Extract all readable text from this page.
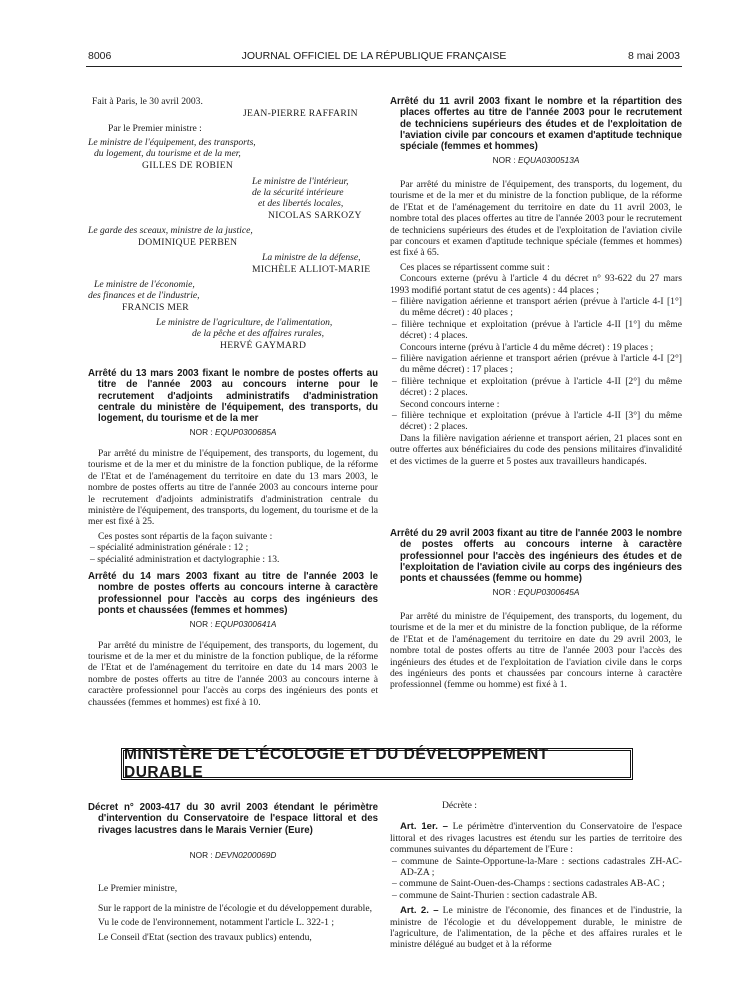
8006	JOURNAL OFFICIEL DE LA RÉPUBLIQUE FRANÇAISE	8 mai 2003
Fait à Paris, le 30 avril 2003.
JEAN-PIERRE RAFFARIN
Par le Premier ministre :
Le ministre de l'équipement, des transports,
du logement, du tourisme et de la mer,
GILLES DE ROBIEN
Le ministre de l'intérieur,
de la sécurité intérieure
et des libertés locales,
NICOLAS SARKOZY
Le garde des sceaux, ministre de la justice,
DOMINIQUE PERBEN
La ministre de la défense,
MICHÈLE ALLIOT-MARIE
Le ministre de l'économie,
des finances et de l'industrie,
FRANCIS MER
Le ministre de l'agriculture, de l'alimentation,
de la pêche et des affaires rurales,
HERVÉ GAYMARD

Arrêté du 13 mars 2003 fixant le nombre de postes offerts au titre de l'année 2003 au concours interne pour le recrutement d'adjoints administratifs d'administration centrale du ministère de l'équipement, des transports, du logement, du tourisme et de la mer

NOR : EQUP0300685A

Par arrêté du ministre de l'équipement, des transports, du logement, du tourisme et de la mer et du ministre de la fonction publique, de la réforme de l'Etat et de l'aménagement du territoire en date du 13 mars 2003, le nombre de postes offerts au titre de l'année 2003 au concours interne pour le recrutement d'adjoints administratifs d'administration centrale du ministère de l'équipement, des transports, du logement, du tourisme et de la mer est fixé à 25.

Ces postes sont répartis de la façon suivante :

– spécialité administration générale : 12 ;

– spécialité administration et dactylographie : 13.

Arrêté du 14 mars 2003 fixant au titre de l'année 2003 le nombre de postes offerts au concours interne à caractère professionnel pour l'accès au corps des ingénieurs des ponts et chaussées (femmes et hommes)

NOR : EQUP0300641A

Par arrêté du ministre de l'équipement, des transports, du logement, du tourisme et de la mer et du ministre de la fonction publique, de la réforme de l'Etat et de l'aménagement du territoire en date du 14 mars 2003 le nombre de postes offerts au titre de l'année 2003 au concours interne à caractère professionnel pour l'accès au corps des ingénieurs des ponts et chaussées (femmes et hommes) est fixé à 10.

Arrêté du 11 avril 2003 fixant le nombre et la répartition des places offertes au titre de l'année 2003 pour le recrutement de techniciens supérieurs des études et de l'exploitation de l'aviation civile par concours et examen d'aptitude technique spéciale (femmes et hommes)

NOR : EQUA0300513A

Par arrêté du ministre de l'équipement, des transports, du logement, du tourisme et de la mer et du ministre de la fonction publique, de la réforme de l'Etat et de l'aménagement du territoire en date du 11 avril 2003, le nombre total des places offertes au titre de l'année 2003 pour le recrutement de techniciens supérieurs des études et de l'exploitation de l'aviation civile par concours et examen d'aptitude technique spéciale (femmes et hommes) est fixé à 65.

Ces places se répartissent comme suit :

Concours externe (prévu à l'article 4 du décret n° 93-622 du 27 mars 1993 modifié portant statut de ces agents) : 44 places ;

– filière navigation aérienne et transport aérien (prévue à l'article 4-I [1°] du même décret) : 40 places ;

– filière technique et exploitation (prévue à l'article 4-II [1°] du même décret) : 4 places.

Concours interne (prévu à l'article 4 du même décret) : 19 places ;

– filière navigation aérienne et transport aérien (prévue à l'article 4-I [2°] du même décret) : 17 places ;

– filière technique et exploitation (prévue à l'article 4-II [2°] du même décret) : 2 places.

Second concours interne :

– filière technique et exploitation (prévue à l'article 4-II [3°] du même décret) : 2 places.

Dans la filière navigation aérienne et transport aérien, 21 places sont en outre offertes aux bénéficiaires du code des pensions militaires d'invalidité et des victimes de la guerre et 5 postes aux travailleurs handicapés.

Arrêté du 29 avril 2003 fixant au titre de l'année 2003 le nombre de postes offerts au concours interne à caractère professionnel pour l'accès des ingénieurs des études et de l'exploitation de l'aviation civile au corps des ingénieurs des ponts et chaussées (femme ou homme)

NOR : EQUP0300645A

Par arrêté du ministre de l'équipement, des transports, du logement, du tourisme et de la mer et du ministre de la fonction publique, de la réforme de l'Etat et de l'aménagement du territoire en date du 29 avril 2003, le nombre total de postes offerts au titre de l'année 2003 pour l'accès des ingénieurs des études et de l'exploitation de l'aviation civile dans le corps des ingénieurs des ponts et chaussées par concours interne à caractère professionnel (femme ou homme) est fixé à 1.

MINISTÈRE DE L'ÉCOLOGIE ET DU DÉVELOPPEMENT DURABLE

Décret n° 2003-417 du 30 avril 2003 étendant le périmètre d'intervention du Conservatoire de l'espace littoral et des rivages lacustres dans le Marais Vernier (Eure)

NOR : DEVN0200069D

Le Premier ministre,

Sur le rapport de la ministre de l'écologie et du développement durable,

Vu le code de l'environnement, notamment l'article L. 322-1 ;

Le Conseil d'Etat (section des travaux publics) entendu,

Décrète :

Art. 1er. – Le périmètre d'intervention du Conservatoire de l'espace littoral et des rivages lacustres est étendu sur les parties de territoire des communes suivantes du département de l'Eure :

– commune de Sainte-Opportune-la-Mare : sections cadastrales ZH-AC-AD-ZA ;

– commune de Saint-Ouen-des-Champs : sections cadastrales AB-AC ;

– commune de Saint-Thurien : section cadastrale AB.

Art. 2. – Le ministre de l'économie, des finances et de l'industrie, la ministre de l'écologie et du développement durable, le ministre de l'agriculture, de l'alimentation, de la pêche et des affaires rurales et le ministre délégué au budget et à la réforme
